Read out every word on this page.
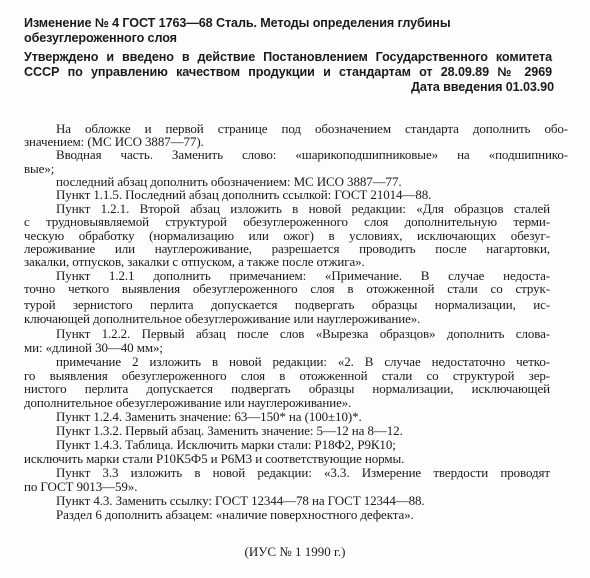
Изменение № 4 ГОСТ 1763—68 Сталь. Методы определения глубины обезуглероженного слоя
Утверждено и введено в действие Постановлением Государственного комитета
СССР по управлению качеством продукции и стандартам от 28.09.89 № 2969
Дата введения 01.03.90
На обложке и первой странице под обозначением стандарта дополнить обо-
значением: (МС ИСО 3887—77).
Вводная часть. Заменить слово: «шарикоподшипниковые» на «подшипнико-
вые»;
последний абзац дополнить обозначением: МС ИСО 3887—77.
Пункт 1.1.5. Последний абзац дополнить ссылкой: ГОСТ 21014—88.
Пункт 1.2.1. Второй абзац изложить в новой редакции: «Для образцов сталей
с трудновыявляемой структурой обезуглероженного слоя дополнительную терми-
ческую обработку (нормализацию или ожог) в условиях, исключающих обезуг-
лероживание или науглероживание, разрешается проводить после нагартовки,
закалки, отпусков, закалки с отпуском, а также после отжига».
Пункт 1.2.1 дополнить примечанием: «Примечание. В случае недоста-
точно четкого выявления обезуглероженного слоя в отожженной стали со струк-
турой зернистого перлита допускается подвергать образцы нормализации, ис-
ключающей дополнительное обезуглероживание или науглероживание».
Пункт 1.2.2. Первый абзац после слов «Вырезка образцов» дополнить слова-
ми: «длиной 30—40 мм»;
примечание 2 изложить в новой редакции: «2. В случае недостаточно четко-
го выявления обезуглероженного слоя в отожженной стали со структурой зер-
нистого перлита допускается подвергать образцы нормализации, исключающей
дополнительное обезуглероживание или науглероживание».
Пункт 1.2.4. Заменить значение: 63—150* на (100±10)*.
Пункт 1.3.2. Первый абзац. Заменить значение: 5—12 на 8—12.
Пункт 1.4.3. Таблица. Исключить марки стали: Р18Ф2, Р9К10;
исключить марки стали Р10К5Ф5 и Р6М3 и соответствующие нормы.
Пункт 3.3 изложить в новой редакции: «3.3. Измерение твердости проводят
по ГОСТ 9013—59».
Пункт 4.3. Заменить ссылку: ГОСТ 12344—78 на ГОСТ 12344—88.
Раздел 6 дополнить абзацем: «наличие поверхностного дефекта».
(ИУС № 1 1990 г.)
